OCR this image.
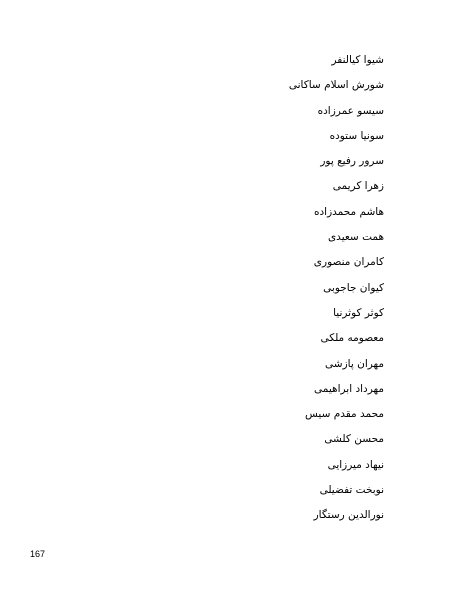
شیوا کیالنفر
شورش اسلام ساکانی
سیسو عمرزاده
سونیا ستوده
سرور رفیع پور
زهرا کریمی
هاشم محمدزاده
همت سعیدی
کامران منصوری
کیوان جاجوبی
کوثر کوثرنیا
معصومه ملکی
مهران پازشی
مهرداد ابراهیمی
محمد مقدم سیس
محسن کلشی
نیهاد میرزایی
نوبخت تفضیلی
نورالدین رستگار
167
